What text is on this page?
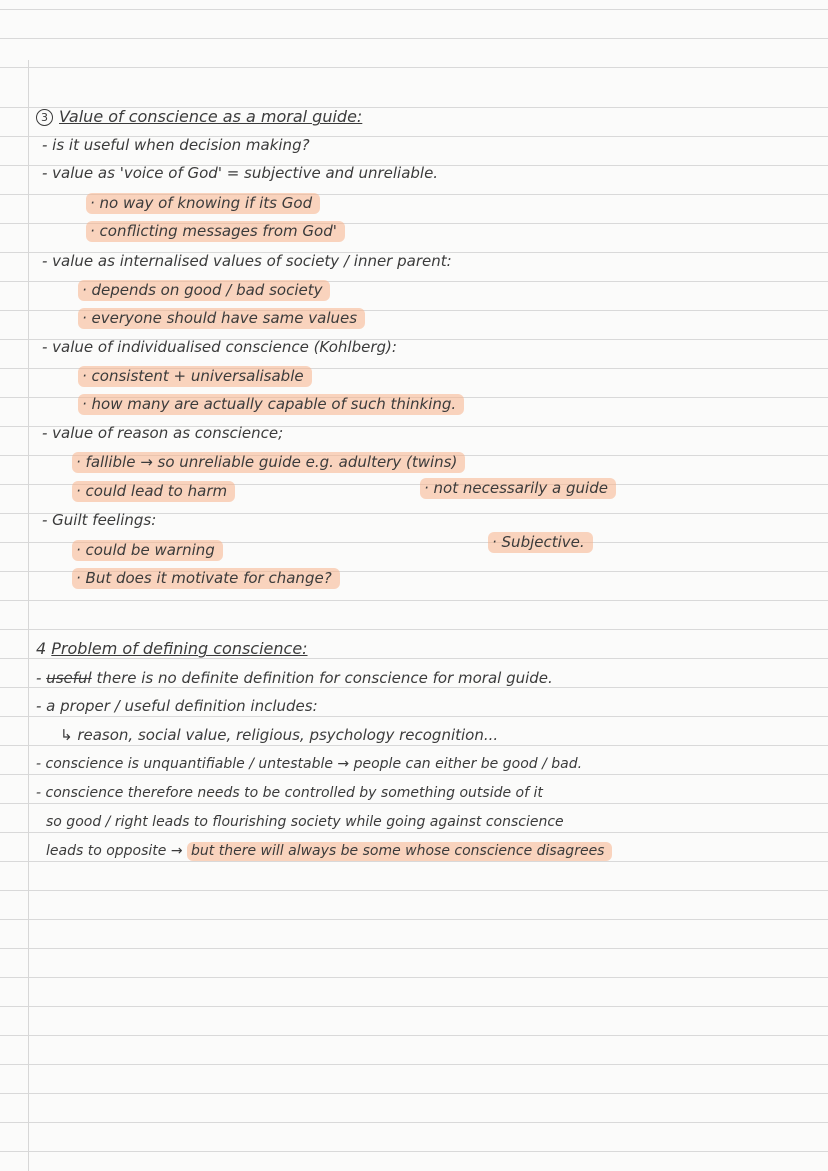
3 Value of conscience as a moral guide:
- is it useful when decision making?
- value as 'voice of God' = subjective and unreliable.
· no way of knowing if its God
· conflicting messages from God'
- value as internalised values of society / inner parent:
· depends on good / bad society
· everyone should have same values
- value of individualised conscience (Kohlberg):
· consistent + universalisable
· how many are actually capable of such thinking.
- value of reason as conscience;
· fallible → so unreliable guide e.g. adultery (twins)
· could lead to harm	· not necessarily a guide
- Guilt feelings:
· could be warning	· Subjective.
· But does it motivate for change?
4 Problem of defining conscience:
- useful there is no definite definition for conscience for moral guide.
- a proper / useful definition includes:
↳ reason, social value, religious, psychology recognition...
- conscience is unquantifiable / untestable → people can either be good / bad.
- conscience therefore needs to be controlled by something outside of it
so good / right leads to flourishing society while going against conscience
leads to opposite → but there will always be some whose conscience disagrees
